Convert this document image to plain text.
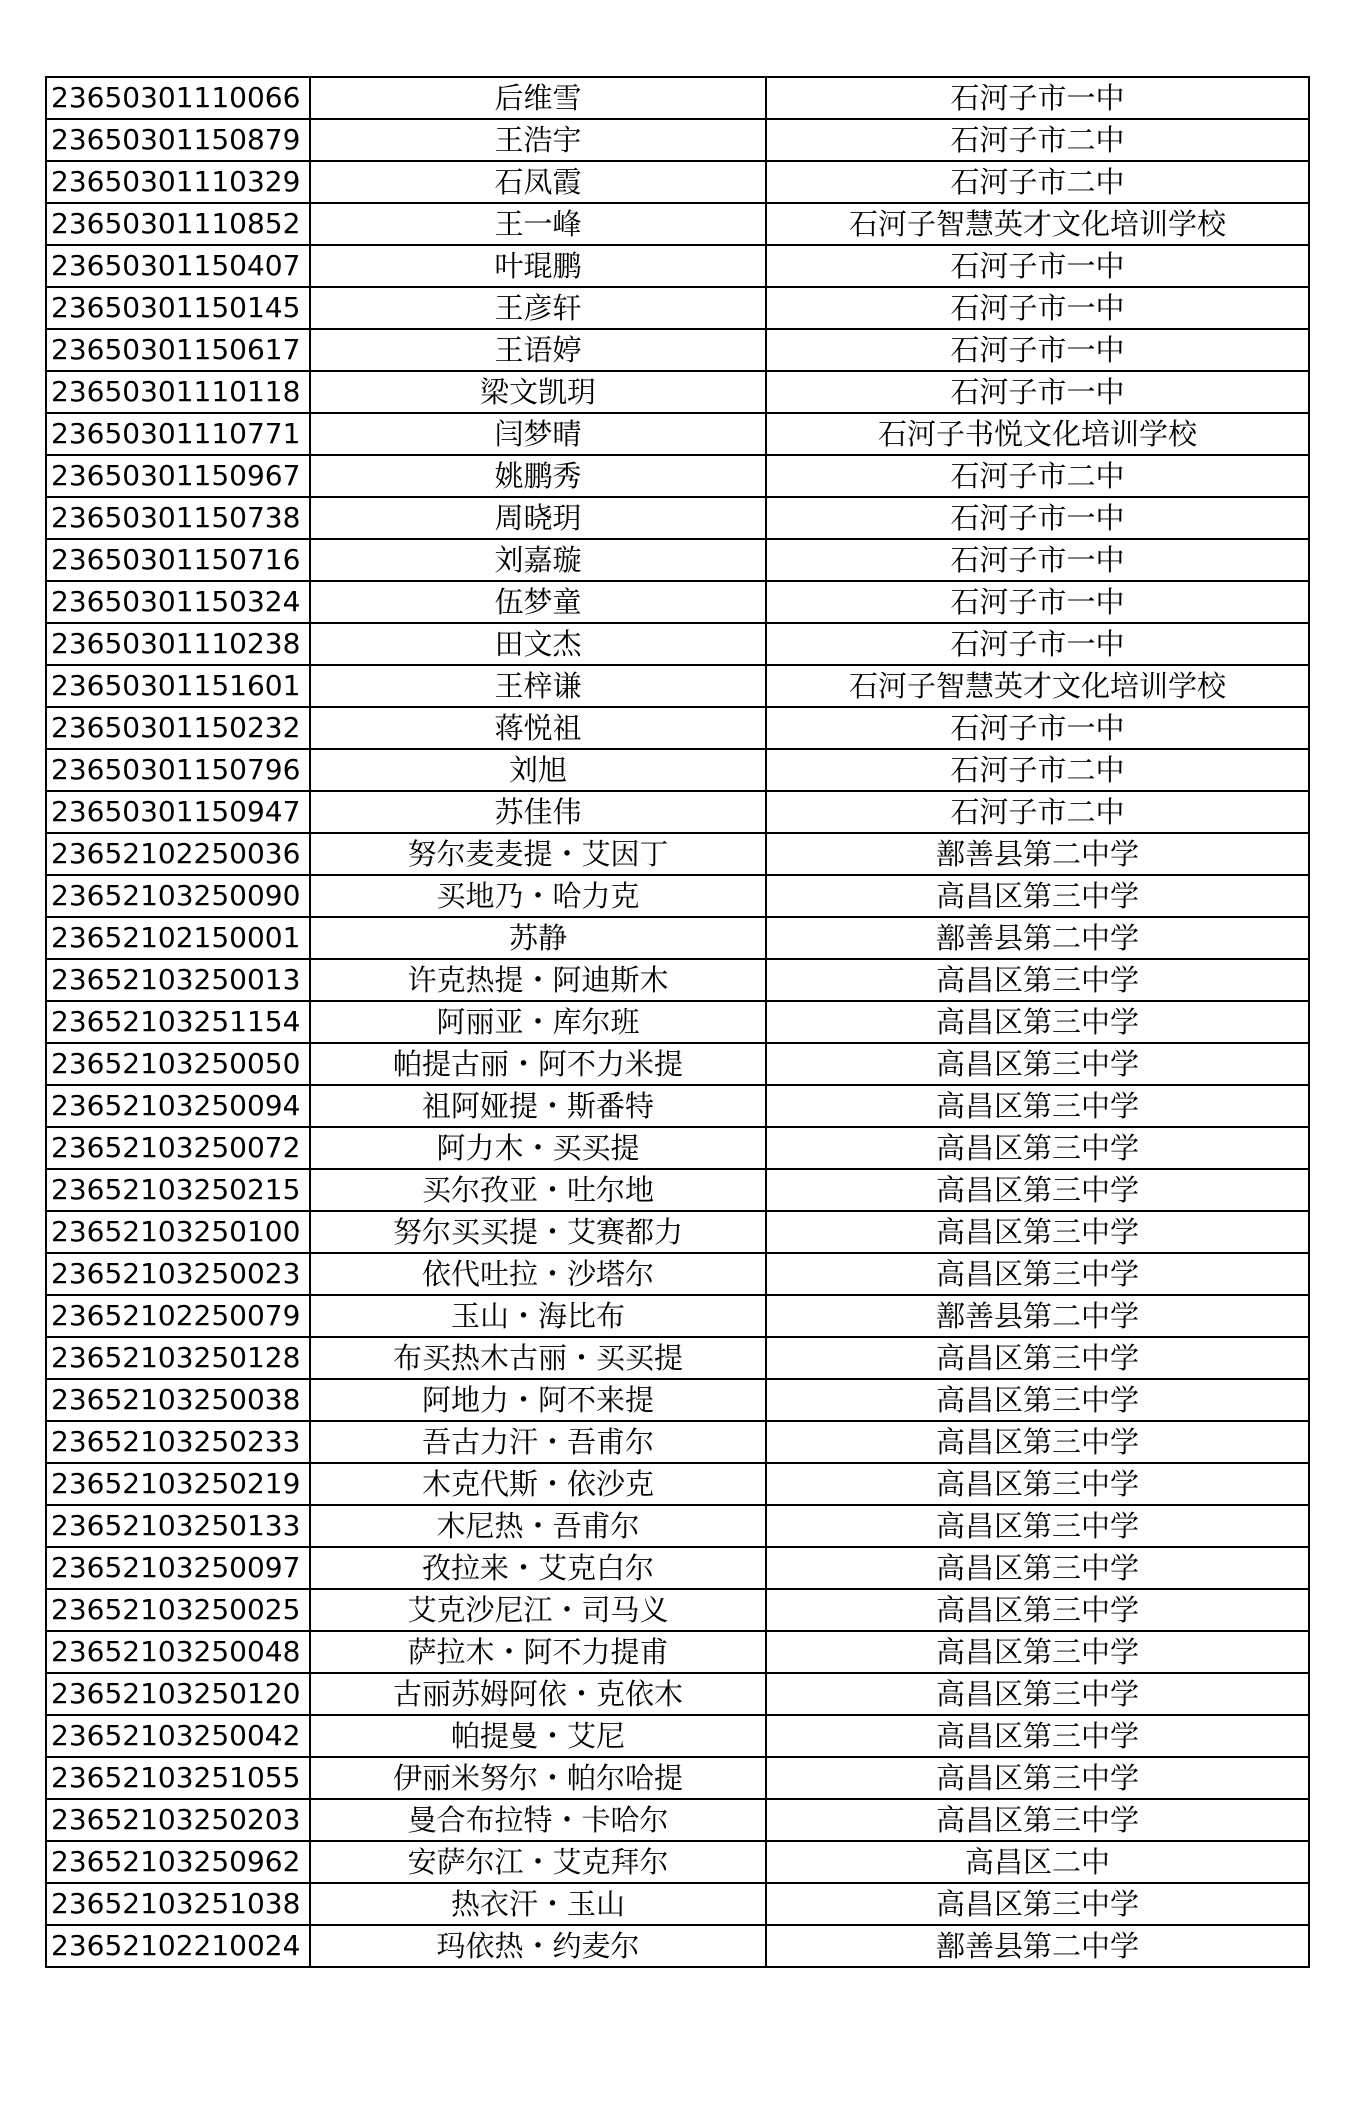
23650301110066	后维雪	石河子市一中
23650301150879	王浩宇	石河子市二中
23650301110329	石凤霞	石河子市二中
23650301110852	王一峰	石河子智慧英才文化培训学校
23650301150407	叶琨鹏	石河子市一中
23650301150145	王彦轩	石河子市一中
23650301150617	王语婷	石河子市一中
23650301110118	梁文凯玥	石河子市一中
23650301110771	闫梦晴	石河子书悦文化培训学校
23650301150967	姚鹏秀	石河子市二中
23650301150738	周晓玥	石河子市一中
23650301150716	刘嘉璇	石河子市一中
23650301150324	伍梦童	石河子市一中
23650301110238	田文杰	石河子市一中
23650301151601	王梓谦	石河子智慧英才文化培训学校
23650301150232	蒋悦祖	石河子市一中
23650301150796	刘旭	石河子市二中
23650301150947	苏佳伟	石河子市二中
23652102250036	努尔麦麦提・艾因丁	鄯善县第二中学
23652103250090	买地乃・哈力克	高昌区第三中学
23652102150001	苏静	鄯善县第二中学
23652103250013	许克热提・阿迪斯木	高昌区第三中学
23652103251154	阿丽亚・库尔班	高昌区第三中学
23652103250050	帕提古丽・阿不力米提	高昌区第三中学
23652103250094	祖阿娅提・斯番特	高昌区第三中学
23652103250072	阿力木・买买提	高昌区第三中学
23652103250215	买尔孜亚・吐尔地	高昌区第三中学
23652103250100	努尔买买提・艾赛都力	高昌区第三中学
23652103250023	依代吐拉・沙塔尔	高昌区第三中学
23652102250079	玉山・海比布	鄯善县第二中学
23652103250128	布买热木古丽・买买提	高昌区第三中学
23652103250038	阿地力・阿不来提	高昌区第三中学
23652103250233	吾古力汗・吾甫尔	高昌区第三中学
23652103250219	木克代斯・依沙克	高昌区第三中学
23652103250133	木尼热・吾甫尔	高昌区第三中学
23652103250097	孜拉来・艾克白尔	高昌区第三中学
23652103250025	艾克沙尼江・司马义	高昌区第三中学
23652103250048	萨拉木・阿不力提甫	高昌区第三中学
23652103250120	古丽苏姆阿依・克依木	高昌区第三中学
23652103250042	帕提曼・艾尼	高昌区第三中学
23652103251055	伊丽米努尔・帕尔哈提	高昌区第三中学
23652103250203	曼合布拉特・卡哈尔	高昌区第三中学
23652103250962	安萨尔江・艾克拜尔	高昌区二中
23652103251038	热衣汗・玉山	高昌区第三中学
23652102210024	玛依热・约麦尔	鄯善县第二中学
